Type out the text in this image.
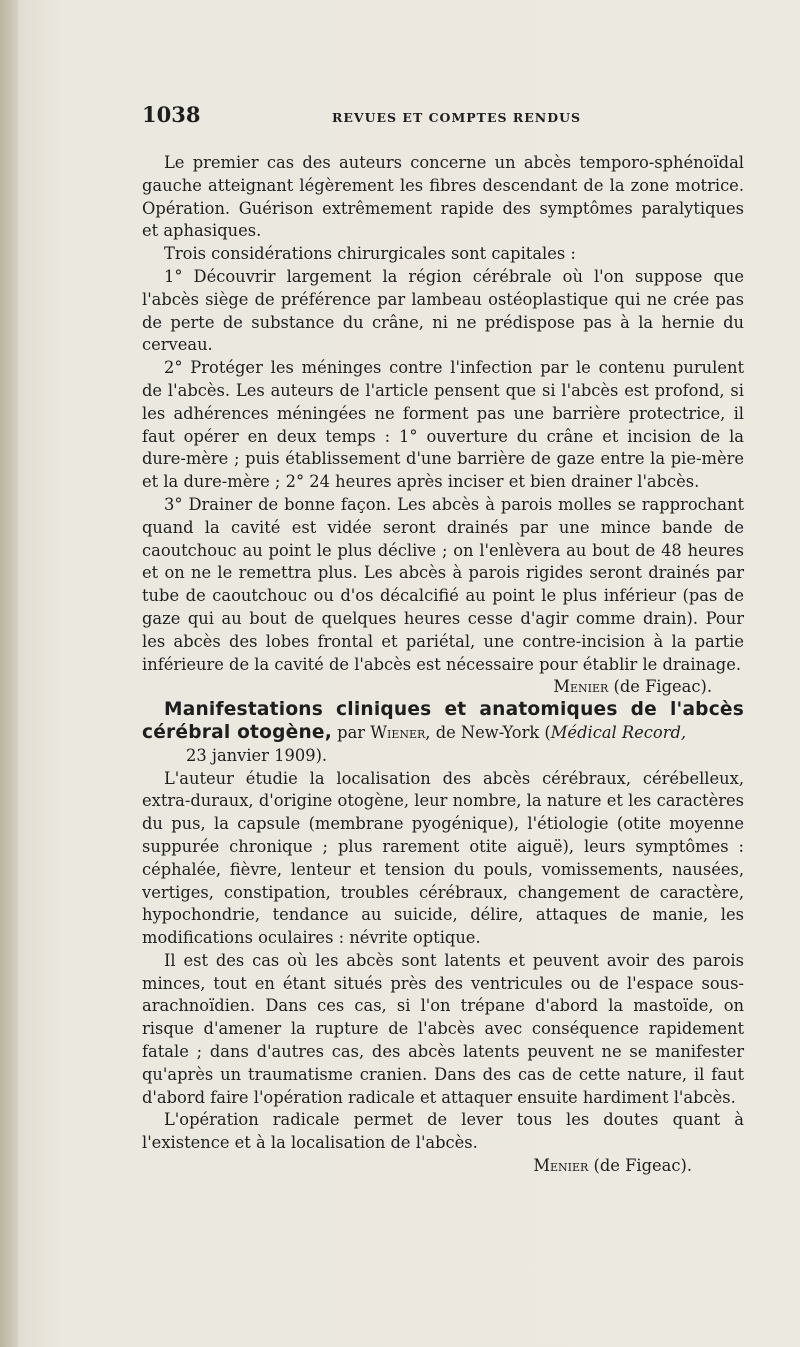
1038	REVUES ET COMPTES RENDUS

Le premier cas des auteurs concerne un abcès temporo-sphénoïdal gauche atteignant légèrement les fibres descendant de la zone motrice. Opération. Guérison extrêmement rapide des symptômes paralytiques et aphasiques.

Trois considérations chirurgicales sont capitales :

1° Découvrir largement la région cérébrale où l'on suppose que l'abcès siège de préférence par lambeau ostéoplastique qui ne crée pas de perte de substance du crâne, ni ne prédispose pas à la hernie du cerveau.

2° Protéger les méninges contre l'infection par le contenu purulent de l'abcès. Les auteurs de l'article pensent que si l'abcès est profond, si les adhérences méningées ne forment pas une barrière protectrice, il faut opérer en deux temps : 1° ouverture du crâne et incision de la dure-mère ; puis établissement d'une barrière de gaze entre la pie-mère et la dure-mère ; 2° 24 heures après inciser et bien drainer l'abcès.

3° Drainer de bonne façon. Les abcès à parois molles se rapprochant quand la cavité est vidée seront drainés par une mince bande de caoutchouc au point le plus déclive ; on l'enlèvera au bout de 48 heures et on ne le remettra plus. Les abcès à parois rigides seront drainés par tube de caoutchouc ou d'os décalcifié au point le plus inférieur (pas de gaze qui au bout de quelques heures cesse d'agir comme drain). Pour les abcès des lobes frontal et pariétal, une contre-incision à la partie inférieure de la cavité de l'abcès est nécessaire pour établir le drainage.

Menier (de Figeac).

Manifestations cliniques et anatomiques de l'abcès cérébral otogène, par Wiener, de New-York (Médical Record,
23 janvier 1909).

L'auteur étudie la localisation des abcès cérébraux, cérébelleux, extra-duraux, d'origine otogène, leur nombre, la nature et les caractères du pus, la capsule (membrane pyogénique), l'étiologie (otite moyenne suppurée chronique ; plus rarement otite aiguë), leurs symptômes : céphalée, fièvre, lenteur et tension du pouls, vomissements, nausées, vertiges, constipation, troubles cérébraux, changement de caractère, hypochondrie, tendance au suicide, délire, attaques de manie, les modifications oculaires : névrite optique.

Il est des cas où les abcès sont latents et peuvent avoir des parois minces, tout en étant situés près des ventricules ou de l'espace sous-arachnoïdien. Dans ces cas, si l'on trépane d'abord la mastoïde, on risque d'amener la rupture de l'abcès avec conséquence rapidement fatale ; dans d'autres cas, des abcès latents peuvent ne se manifester qu'après un traumatisme cranien. Dans des cas de cette nature, il faut d'abord faire l'opération radicale et attaquer ensuite hardiment l'abcès.

L'opération radicale permet de lever tous les doutes quant à l'existence et à la localisation de l'abcès.

Menier (de Figeac).
